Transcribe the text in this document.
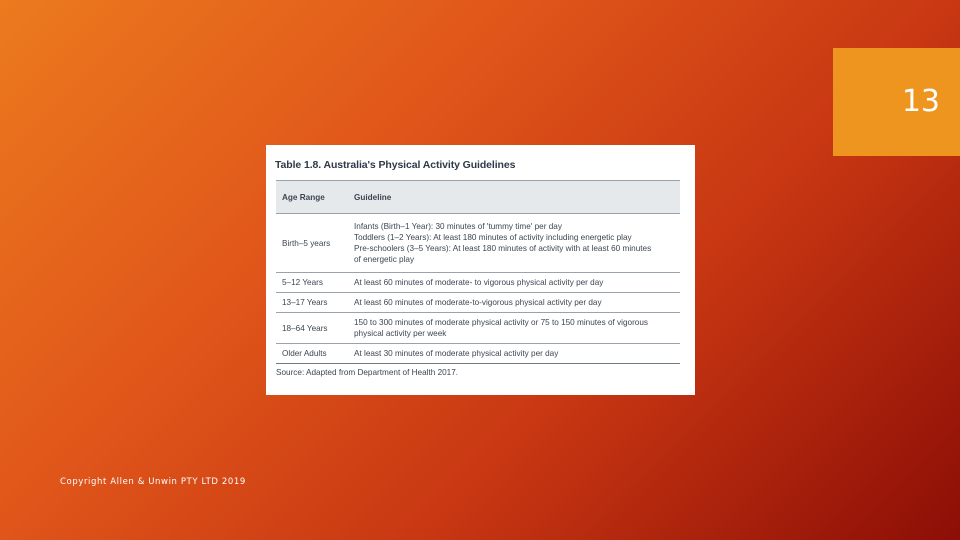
13
Table 1.8. Australia's Physical Activity Guidelines
Age Range	Guideline
Birth–5 years	Infants (Birth–1 Year): 30 minutes of 'tummy time' per day
Toddlers (1–2 Years): At least 180 minutes of activity including energetic play
Pre-schoolers (3–5 Years): At least 180 minutes of activity with at least 60 minutes
of energetic play

5–12 Years	At least 60 minutes of moderate- to vigorous physical activity per day

13–17 Years	At least 60 minutes of moderate-to-vigorous physical activity per day

18–64 Years	150 to 300 minutes of moderate physical activity or 75 to 150 minutes of vigorous
physical activity per week

Older Adults	At least 30 minutes of moderate physical activity per day
Source: Adapted from Department of Health 2017.
Copyright Allen & Unwin PTY LTD 2019
